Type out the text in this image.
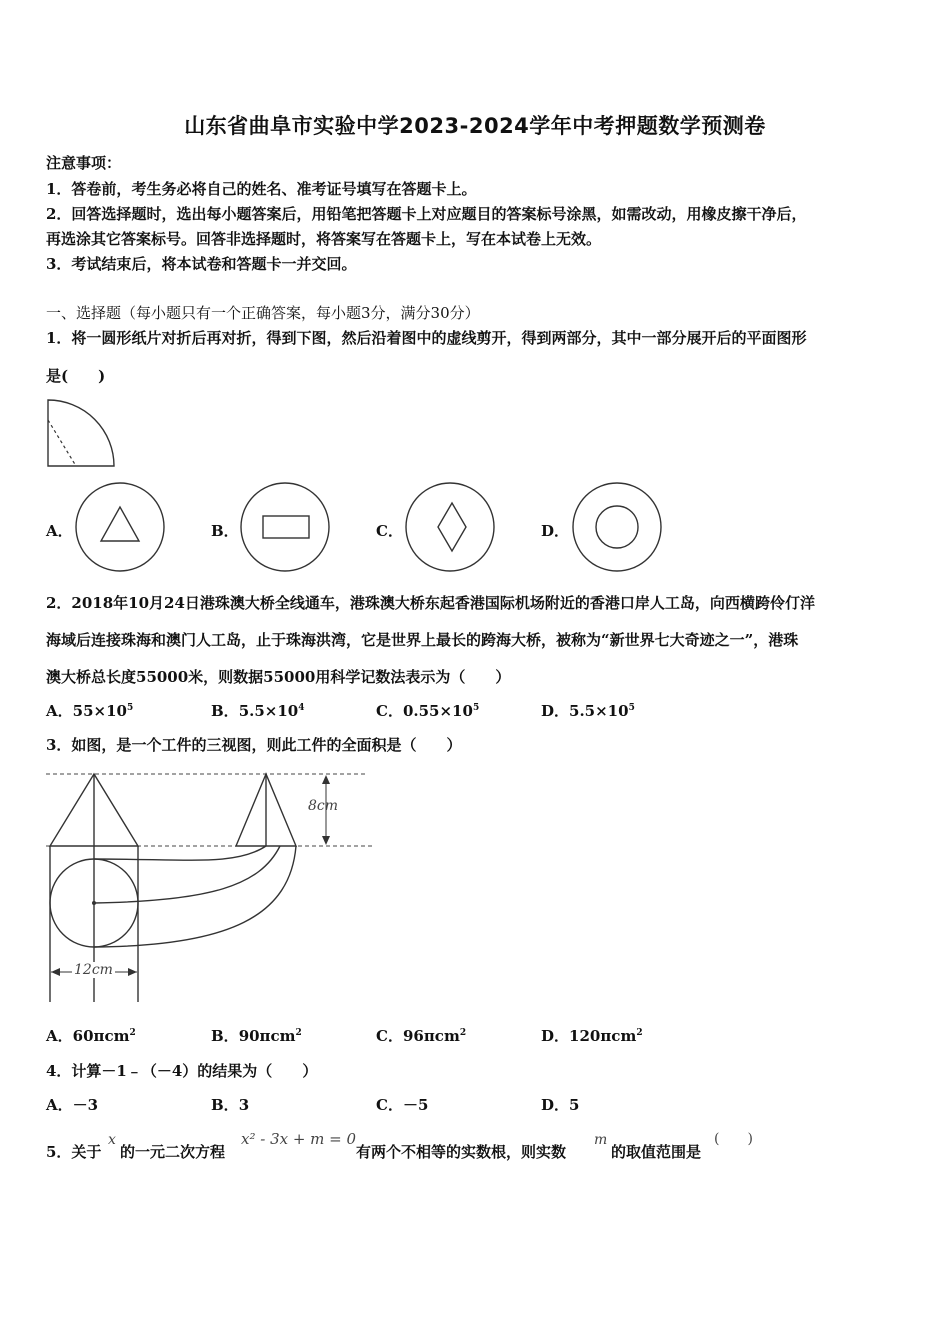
山东省曲阜市实验中学2023-2024学年中考押题数学预测卷
注意事项：
1．答卷前，考生务必将自己的姓名、准考证号填写在答题卡上。
2．回答选择题时，选出每小题答案后，用铅笔把答题卡上对应题目的答案标号涂黑，如需改动，用橡皮擦干净后，
再选涂其它答案标号。回答非选择题时，将答案写在答题卡上，写在本试卷上无效。
3．考试结束后，将本试卷和答题卡一并交回。
一、选择题（每小题只有一个正确答案，每小题3分，满分30分）
1．将一圆形纸片对折后再对折，得到下图，然后沿着图中的虚线剪开，得到两部分，其中一部分展开后的平面图形
是(　　)
A．	B．	C．	D．
2．2018年10月24日港珠澳大桥全线通车，港珠澳大桥东起香港国际机场附近的香港口岸人工岛，向西横跨伶仃洋
海域后连接珠海和澳门人工岛，止于珠海洪湾，它是世界上最长的跨海大桥，被称为“新世界七大奇迹之一”，港珠
澳大桥总长度55000米，则数据55000用科学记数法表示为（　　）
A．$55\times 10^5$	B．$5.5\times 10^4$	C．$0.55\times 10^5$	D．$5.5\times 10^5$
3．如图，是一个工件的三视图，则此工件的全面积是（　　）
8cm
12cm
A．60πcm$^2$	B．90πcm$^2$	C．96πcm$^2$	D．120πcm$^2$
4．计算－1﹣（－4）的结果为（　　）
A．－3	B．3	C．－5	D．5
5．关于
x
的一元二次方程
x² - 3x + m = 0
有两个不相等的实数根，则实数
m
的取值范围是
(　　)
